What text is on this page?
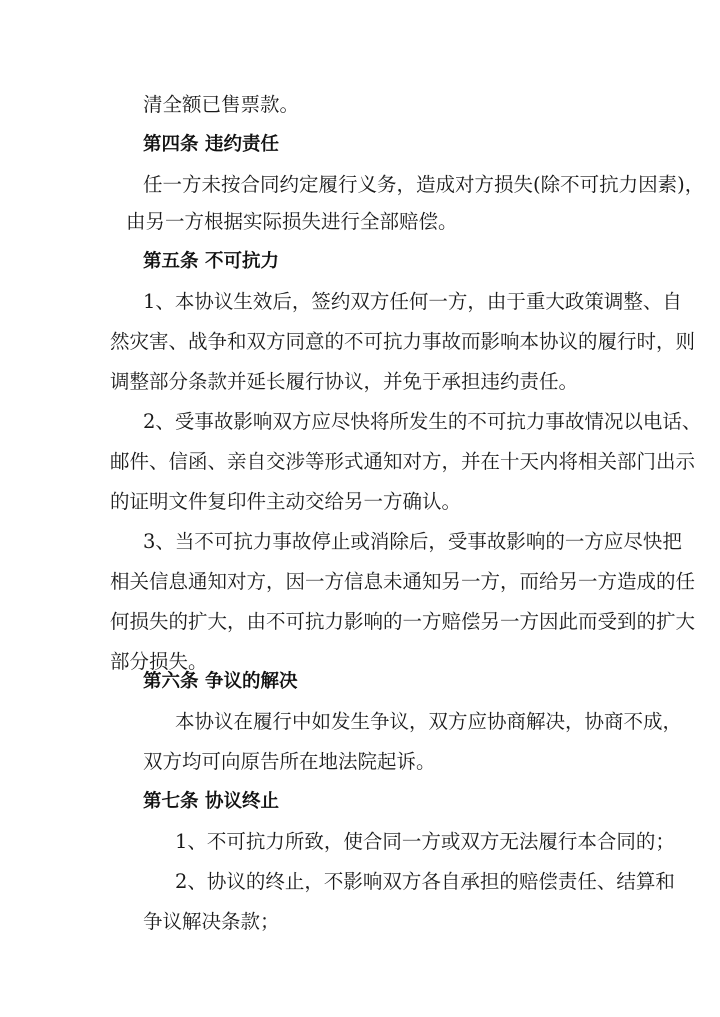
清全额已售票款。
第四条 违约责任
任一方未按合同约定履行义务，造成对方损失(除不可抗力因素)，
由另一方根据实际损失进行全部赔偿。
第五条 不可抗力
1、本协议生效后，签约双方任何一方，由于重大政策调整、自
然灾害、战争和双方同意的不可抗力事故而影响本协议的履行时，则
调整部分条款并延长履行协议，并免于承担违约责任。
2、受事故影响双方应尽快将所发生的不可抗力事故情况以电话、
邮件、信函、亲自交涉等形式通知对方，并在十天内将相关部门出示
的证明文件复印件主动交给另一方确认。
3、当不可抗力事故停止或消除后，受事故影响的一方应尽快把
相关信息通知对方，因一方信息未通知另一方，而给另一方造成的任
何损失的扩大，由不可抗力影响的一方赔偿另一方因此而受到的扩大
部分损失。
第六条 争议的解决
本协议在履行中如发生争议，双方应协商解决，协商不成，
双方均可向原告所在地法院起诉。
第七条 协议终止
1、不可抗力所致，使合同一方或双方无法履行本合同的；
2、协议的终止，不影响双方各自承担的赔偿责任、结算和
争议解决条款；
